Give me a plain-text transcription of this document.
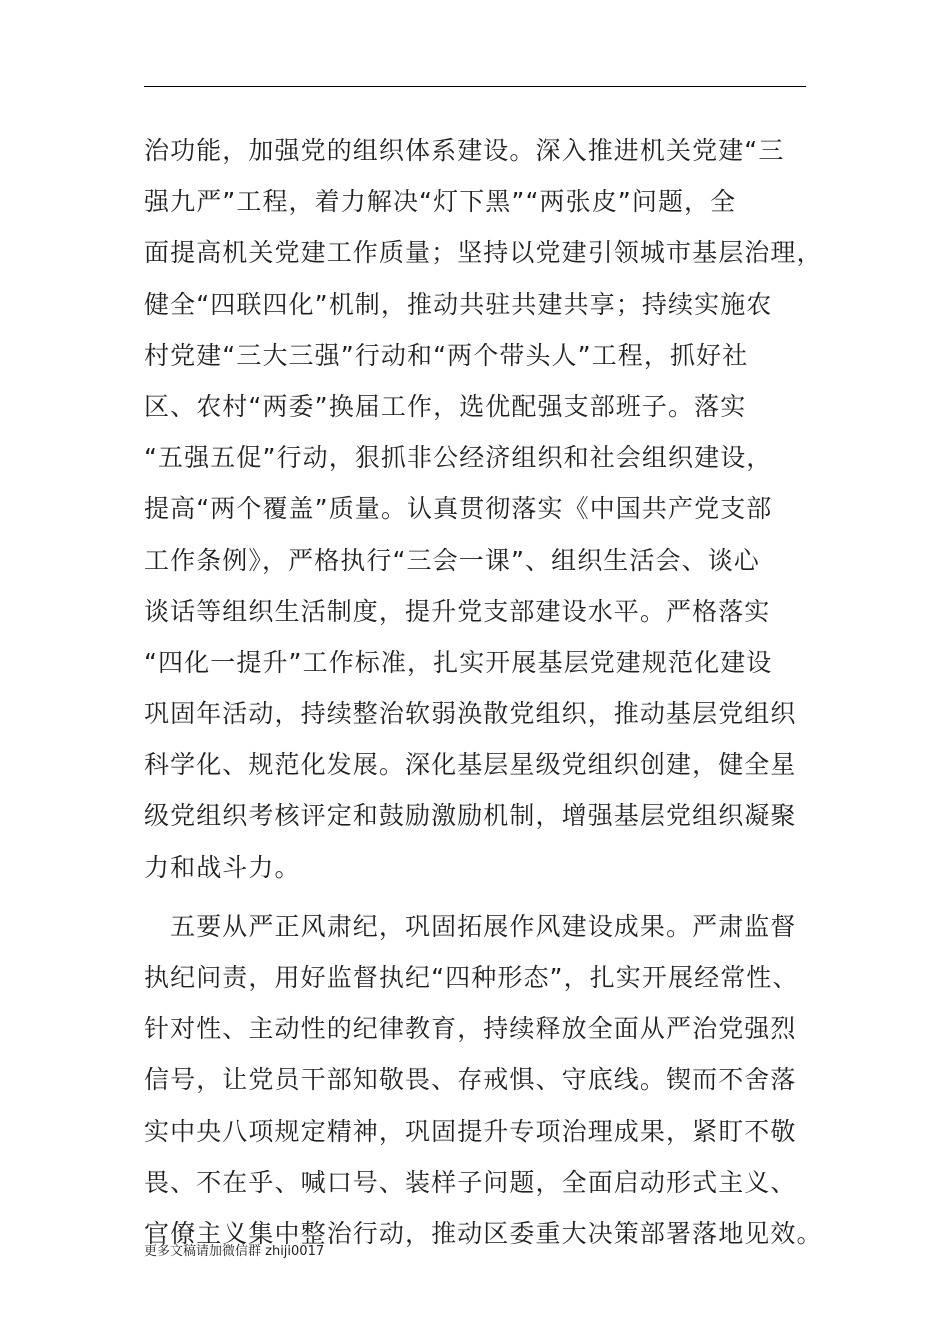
治功能，加强党的组织体系建设。深入推进机关党建“三
强九严”工程，着力解决“灯下黑”“两张皮”问题，全
面提高机关党建工作质量；坚持以党建引领城市基层治理，
健全“四联四化”机制，推动共驻共建共享；持续实施农
村党建“三大三强”行动和“两个带头人”工程，抓好社
区、农村“两委”换届工作，选优配强支部班子。落实
“五强五促”行动，狠抓非公经济组织和社会组织建设，
提高“两个覆盖”质量。认真贯彻落实《中国共产党支部
工作条例》，严格执行“三会一课”、组织生活会、谈心
谈话等组织生活制度，提升党支部建设水平。严格落实
“四化一提升”工作标准，扎实开展基层党建规范化建设
巩固年活动，持续整治软弱涣散党组织，推动基层党组织
科学化、规范化发展。深化基层星级党组织创建，健全星
级党组织考核评定和鼓励激励机制，增强基层党组织凝聚
力和战斗力。
　五要从严正风肃纪，巩固拓展作风建设成果。严肃监督
执纪问责，用好监督执纪“四种形态”，扎实开展经常性、
针对性、主动性的纪律教育，持续释放全面从严治党强烈
信号，让党员干部知敬畏、存戒惧、守底线。锲而不舍落
实中央八项规定精神，巩固提升专项治理成果，紧盯不敬
畏、不在乎、喊口号、装样子问题，全面启动形式主义、
官僚主义集中整治行动，推动区委重大决策部署落地见效。
更多文稿请加微信群 zhiji0017
